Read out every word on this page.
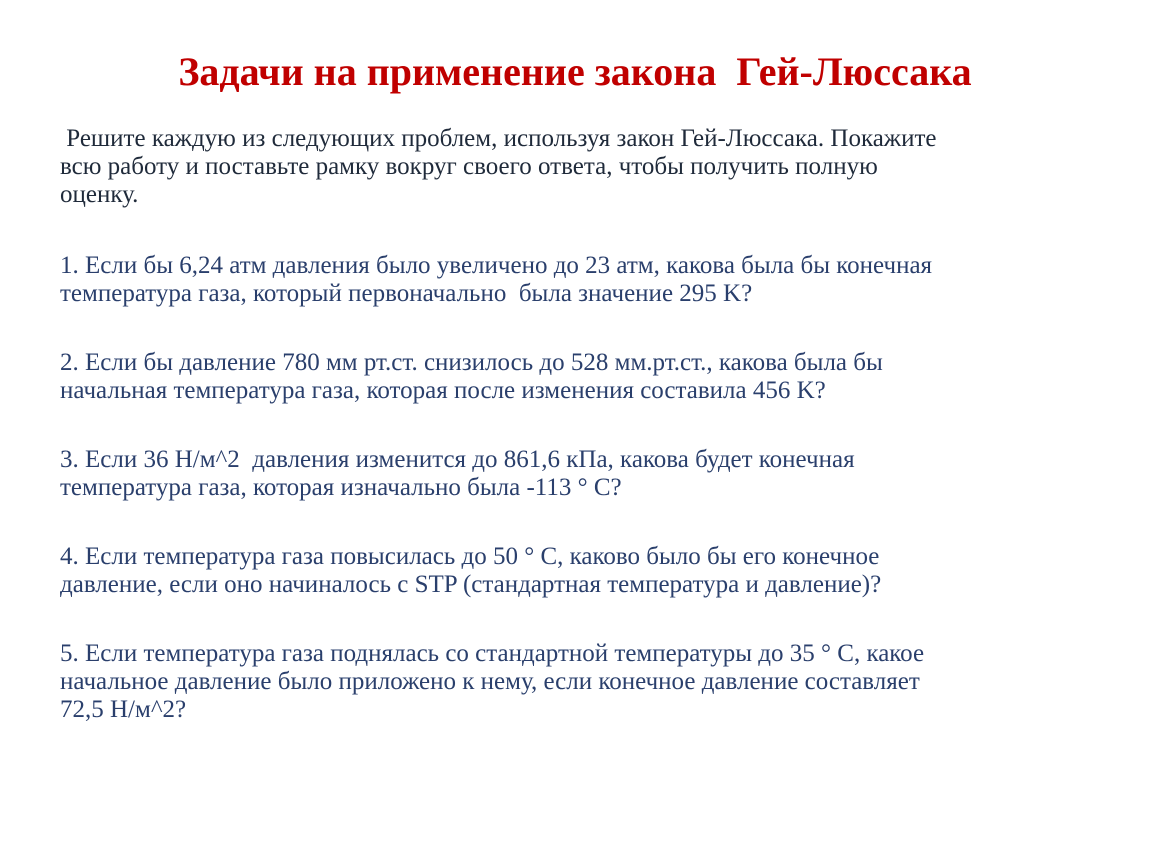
Задачи на применение закона  Гей-Люссака
Решите каждую из следующих проблем, используя закон Гей-Люссака. Покажите
всю работу и поставьте рамку вокруг своего ответа, чтобы получить полную
оценку.
1. Если бы 6,24 атм давления было увеличено до 23 атм, какова была бы конечная
температура газа, который первоначально  была значение 295 K?
2. Если бы давление 780 мм рт.ст. снизилось до 528 мм.рт.ст., какова была бы
начальная температура газа, которая после изменения составила 456 K?
3. Если 36 Н/м^2  давления изменится до 861,6 кПа, какова будет конечная
температура газа, которая изначально была -113 ° C?
4. Если температура газа повысилась до 50 ° C, каково было бы его конечное
давление, если оно начиналось с STP (стандартная температура и давление)?
5. Если температура газа поднялась со стандартной температуры до 35 ° C, какое
начальное давление было приложено к нему, если конечное давление составляет
72,5 Н/м^2?
